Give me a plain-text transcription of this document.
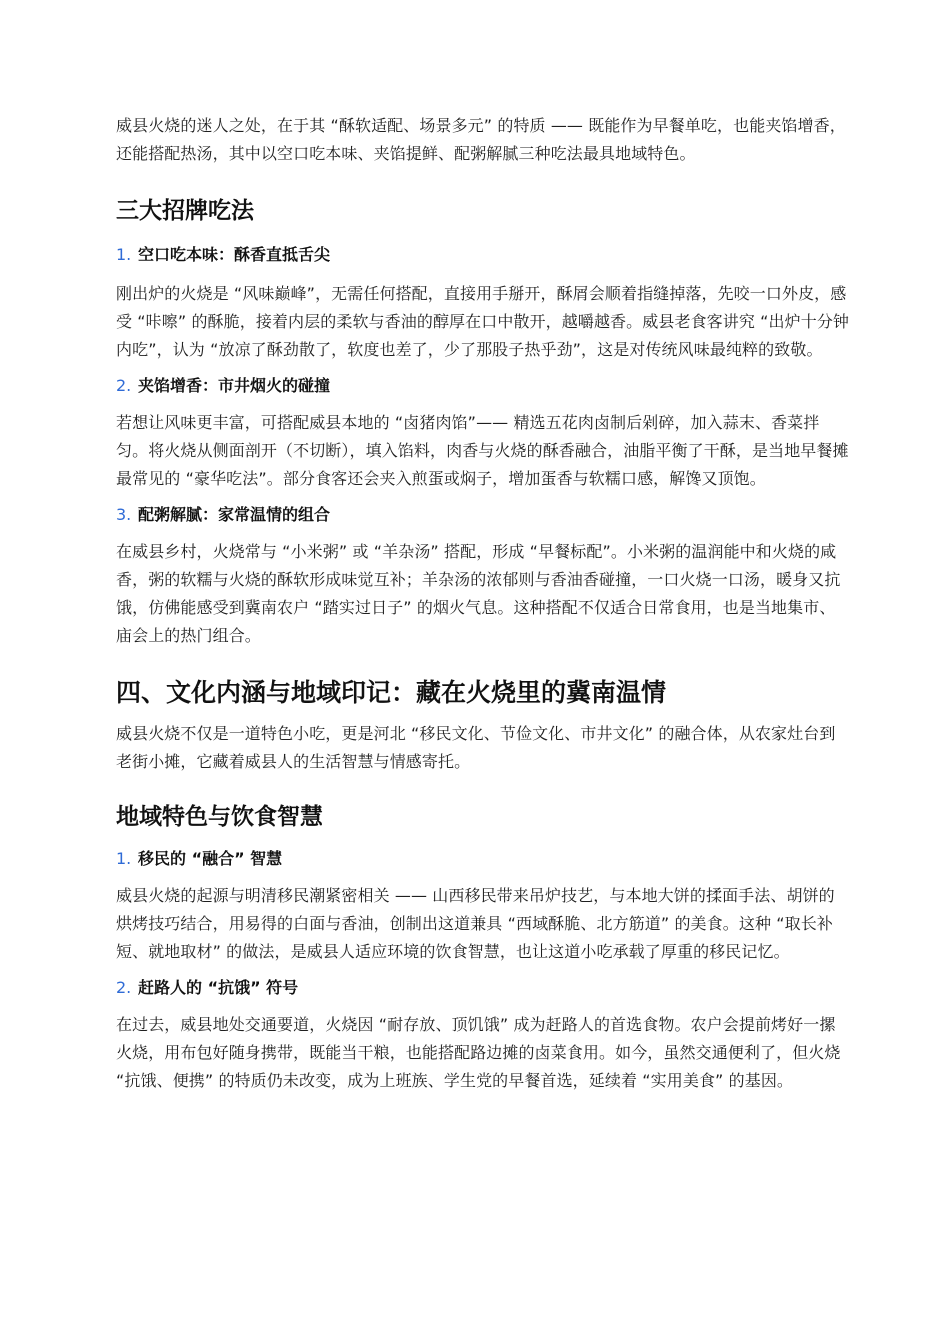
威县火烧的迷人之处，在于其 “酥软适配、场景多元” 的特质 —— 既能作为早餐单吃，也能夹馅增香，还能搭配热汤，其中以空口吃本味、夹馅提鲜、配粥解腻三种吃法最具地域特色。

三大招牌吃法
1. 空口吃本味：酥香直抵舌尖

刚出炉的火烧是 “风味巅峰”，无需任何搭配，直接用手掰开，酥屑会顺着指缝掉落，先咬一口外皮，感受 “咔嚓” 的酥脆，接着内层的柔软与香油的醇厚在口中散开，越嚼越香。威县老食客讲究 “出炉十分钟内吃”，认为 “放凉了酥劲散了，软度也差了，少了那股子热乎劲”，这是对传统风味最纯粹的致敬。

2. 夹馅增香：市井烟火的碰撞

若想让风味更丰富，可搭配威县本地的 “卤猪肉馅”—— 精选五花肉卤制后剁碎，加入蒜末、香菜拌匀。将火烧从侧面剖开（不切断），填入馅料，肉香与火烧的酥香融合，油脂平衡了干酥，是当地早餐摊最常见的 “豪华吃法”。部分食客还会夹入煎蛋或焖子，增加蛋香与软糯口感，解馋又顶饱。

3. 配粥解腻：家常温情的组合

在威县乡村，火烧常与 “小米粥” 或 “羊杂汤” 搭配，形成 “早餐标配”。小米粥的温润能中和火烧的咸香，粥的软糯与火烧的酥软形成味觉互补；羊杂汤的浓郁则与香油香碰撞，一口火烧一口汤，暖身又抗饿，仿佛能感受到冀南农户 “踏实过日子” 的烟火气息。这种搭配不仅适合日常食用，也是当地集市、庙会上的热门组合。

四、文化内涵与地域印记：藏在火烧里的冀南温情

威县火烧不仅是一道特色小吃，更是河北 “移民文化、节俭文化、市井文化” 的融合体，从农家灶台到老街小摊，它藏着威县人的生活智慧与情感寄托。

地域特色与饮食智慧
1. 移民的 “融合” 智慧

威县火烧的起源与明清移民潮紧密相关 —— 山西移民带来吊炉技艺，与本地大饼的揉面手法、胡饼的烘烤技巧结合，用易得的白面与香油，创制出这道兼具 “西域酥脆、北方筋道” 的美食。这种 “取长补短、就地取材” 的做法，是威县人适应环境的饮食智慧，也让这道小吃承载了厚重的移民记忆。

2. 赶路人的 “抗饿” 符号

在过去，威县地处交通要道，火烧因 “耐存放、顶饥饿” 成为赶路人的首选食物。农户会提前烤好一摞火烧，用布包好随身携带，既能当干粮，也能搭配路边摊的卤菜食用。如今，虽然交通便利了，但火烧 “抗饿、便携” 的特质仍未改变，成为上班族、学生党的早餐首选，延续着 “实用美食” 的基因。
